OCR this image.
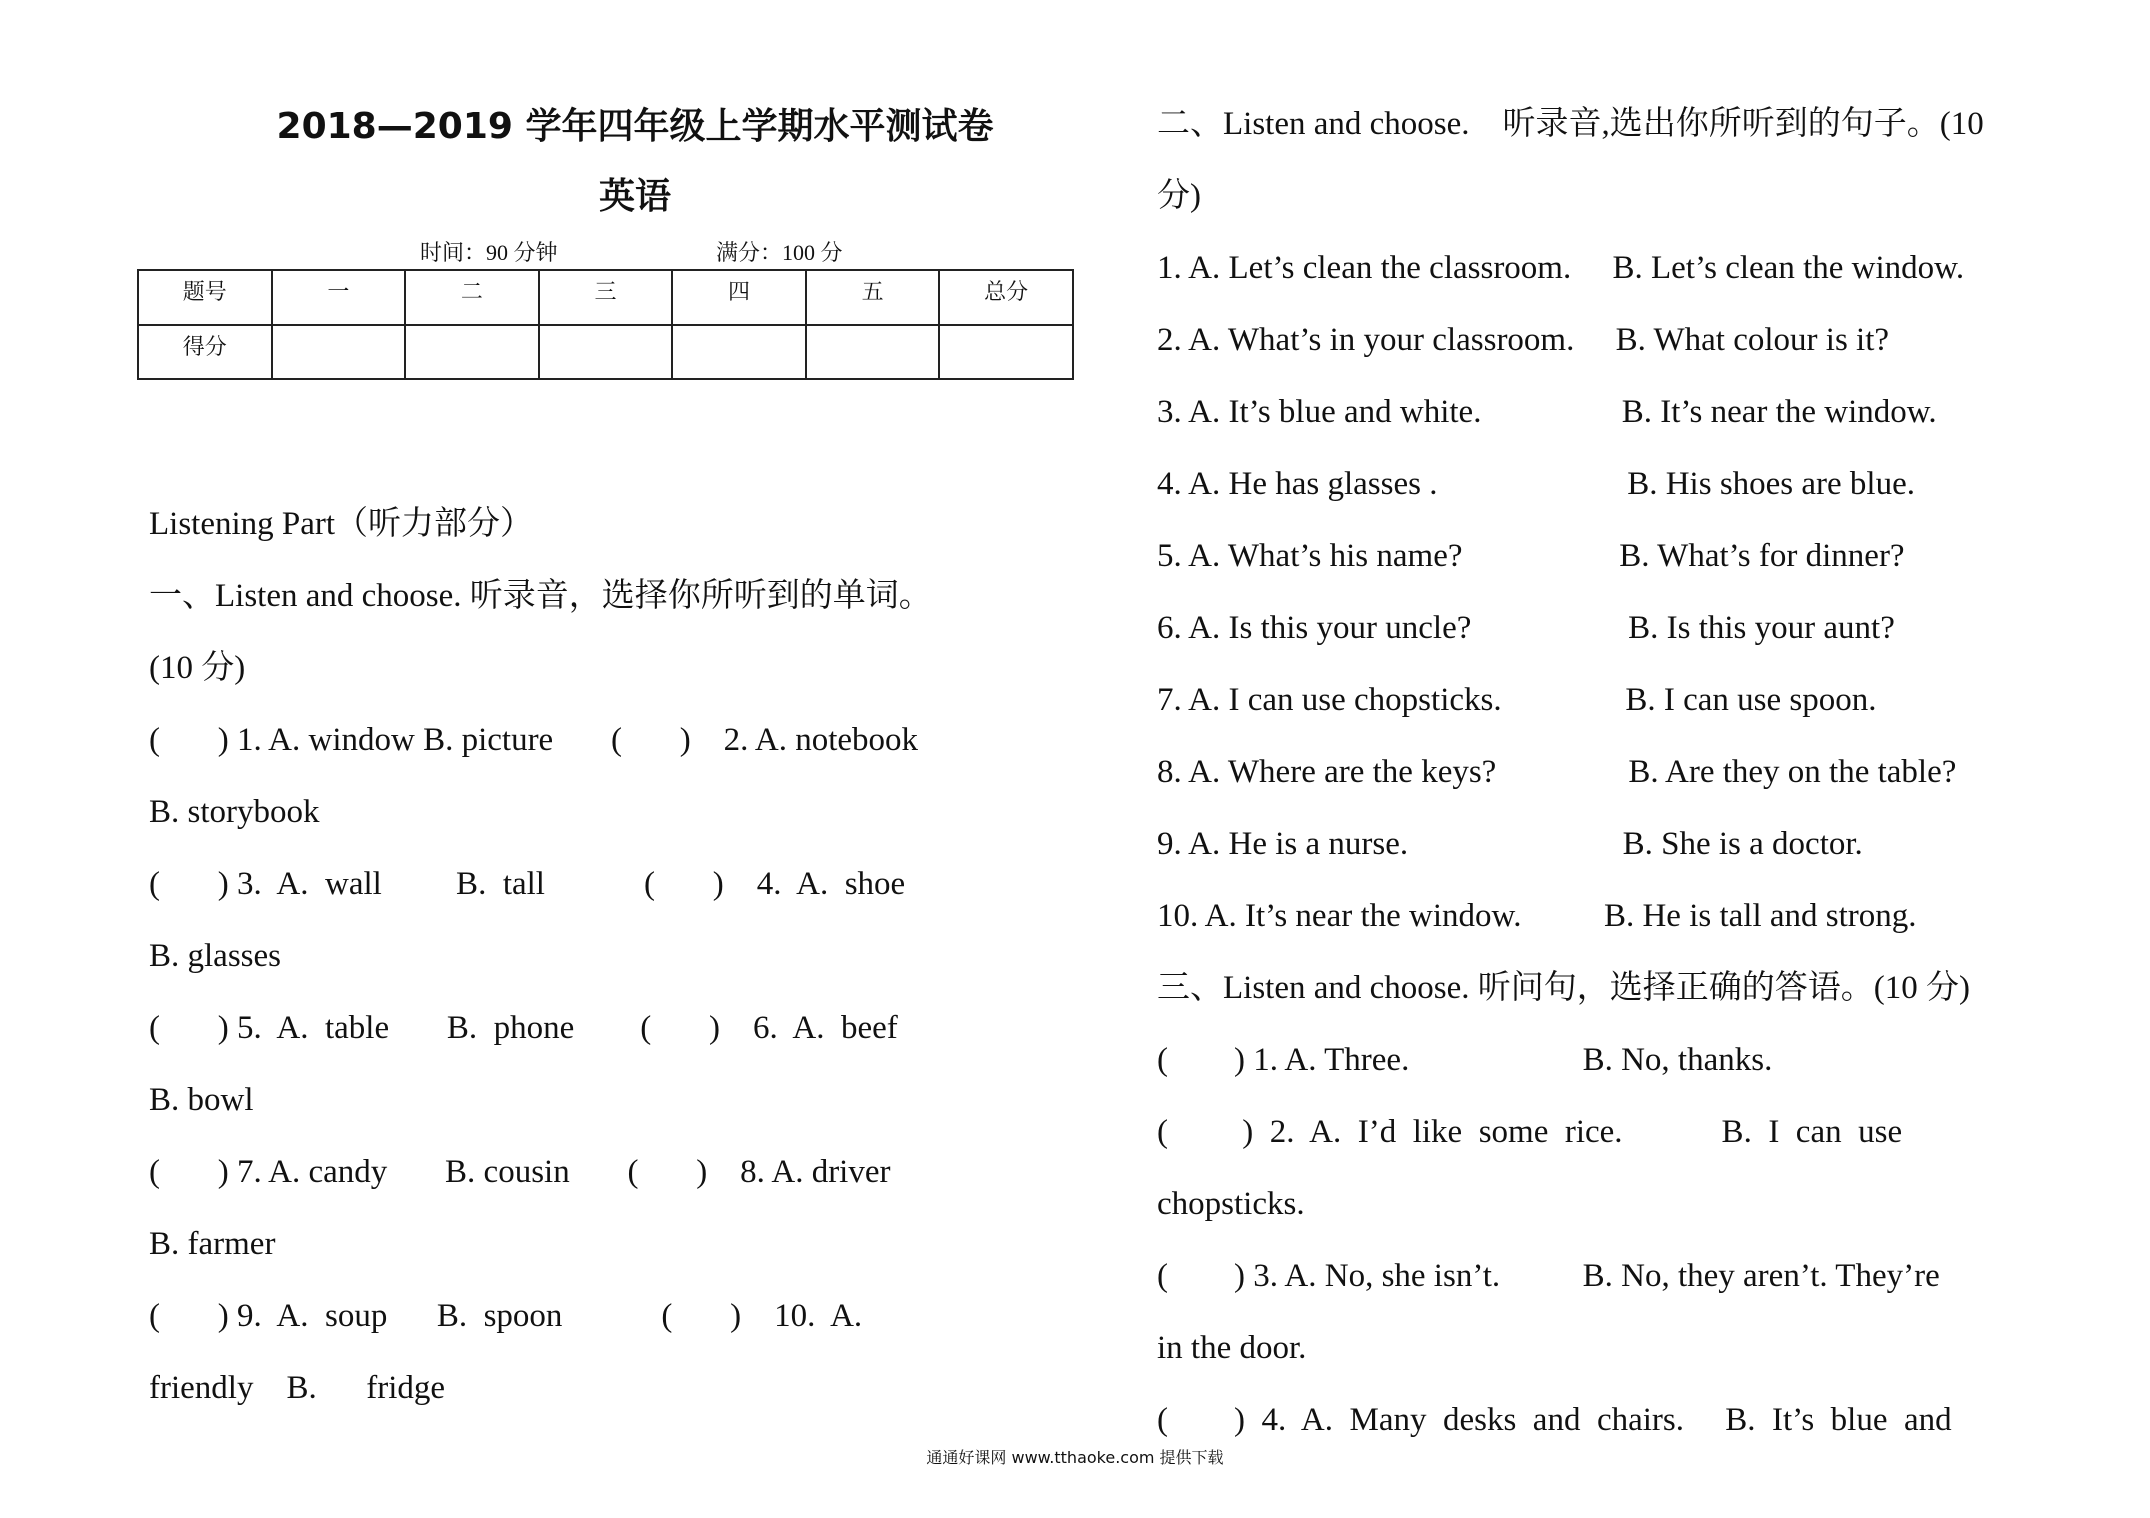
2018—2019 学年四年级上学期水平测试卷
英语
时间：90 分钟	满分：100 分
题号	一	二	三	四	五	总分
得分						
Listening Part（听力部分）
一、Listen and choose. 听录音，选择你所听到的单词。
(10 分)
(       ) 1. A. window B. picture       (       )    2. A. notebook
B. storybook
(       ) 3.  A.  wall         B.  tall            (       )    4.  A.  shoe
B. glasses
(       ) 5.  A.  table       B.  phone        (       )    6.  A.  beef
B. bowl
(       ) 7. A. candy       B. cousin       (       )    8. A. driver
B. farmer
(       ) 9.  A.  soup      B.  spoon            (       )    10.  A.
friendly    B.      fridge
二、Listen and choose.    听录音,选出你所听到的句子。(10
分)
1. A. Let’s clean the classroom.     B. Let’s clean the window.
2. A. What’s in your classroom.     B. What colour is it?
3. A. It’s blue and white.                 B. It’s near the window.
4. A. He has glasses .                       B. His shoes are blue.
5. A. What’s his name?                   B. What’s for dinner?
6. A. Is this your uncle?                   B. Is this your aunt?
7. A. I can use chopsticks.               B. I can use spoon.
8. A. Where are the keys?                B. Are they on the table?
9. A. He is a nurse.                          B. She is a doctor.
10. A. It’s near the window.          B. He is tall and strong.
三、Listen and choose. 听问句，选择正确的答语。(10 分)
(        ) 1. A. Three.                     B. No, thanks.
(         )  2.  A.  I’d  like  some  rice.            B.  I  can  use
chopsticks.
(        ) 3. A. No, she isn’t.          B. No, they aren’t. They’re
in the door.
(        )  4.  A.  Many  desks  and  chairs.     B.  It’s  blue  and
通通好课网 www.tthaoke.com 提供下载
